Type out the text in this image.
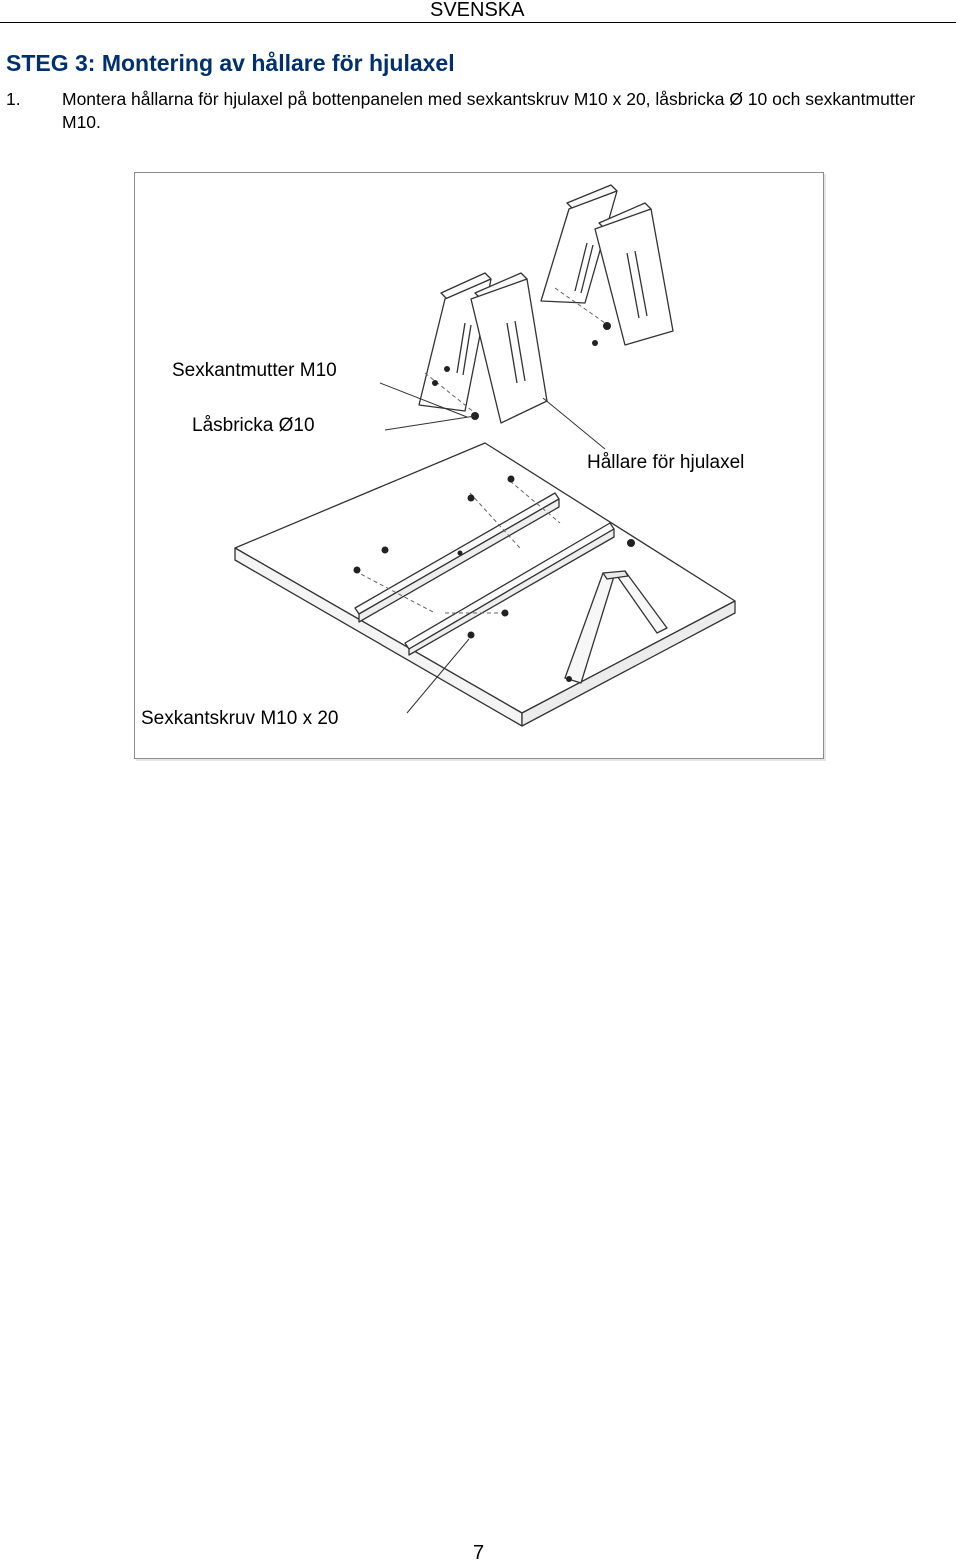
SVENSKA
STEG 3: Montering av hållare för hjulaxel
1. Montera hållarna för hjulaxel på bottenpanelen med sexkantskruv M10 x 20, låsbricka Ø 10 och sexkantmutter M10.
Sexkantmutter M10
Låsbricka Ø10
Hållare för hjulaxel
Sexkantskruv M10 x 20
7
